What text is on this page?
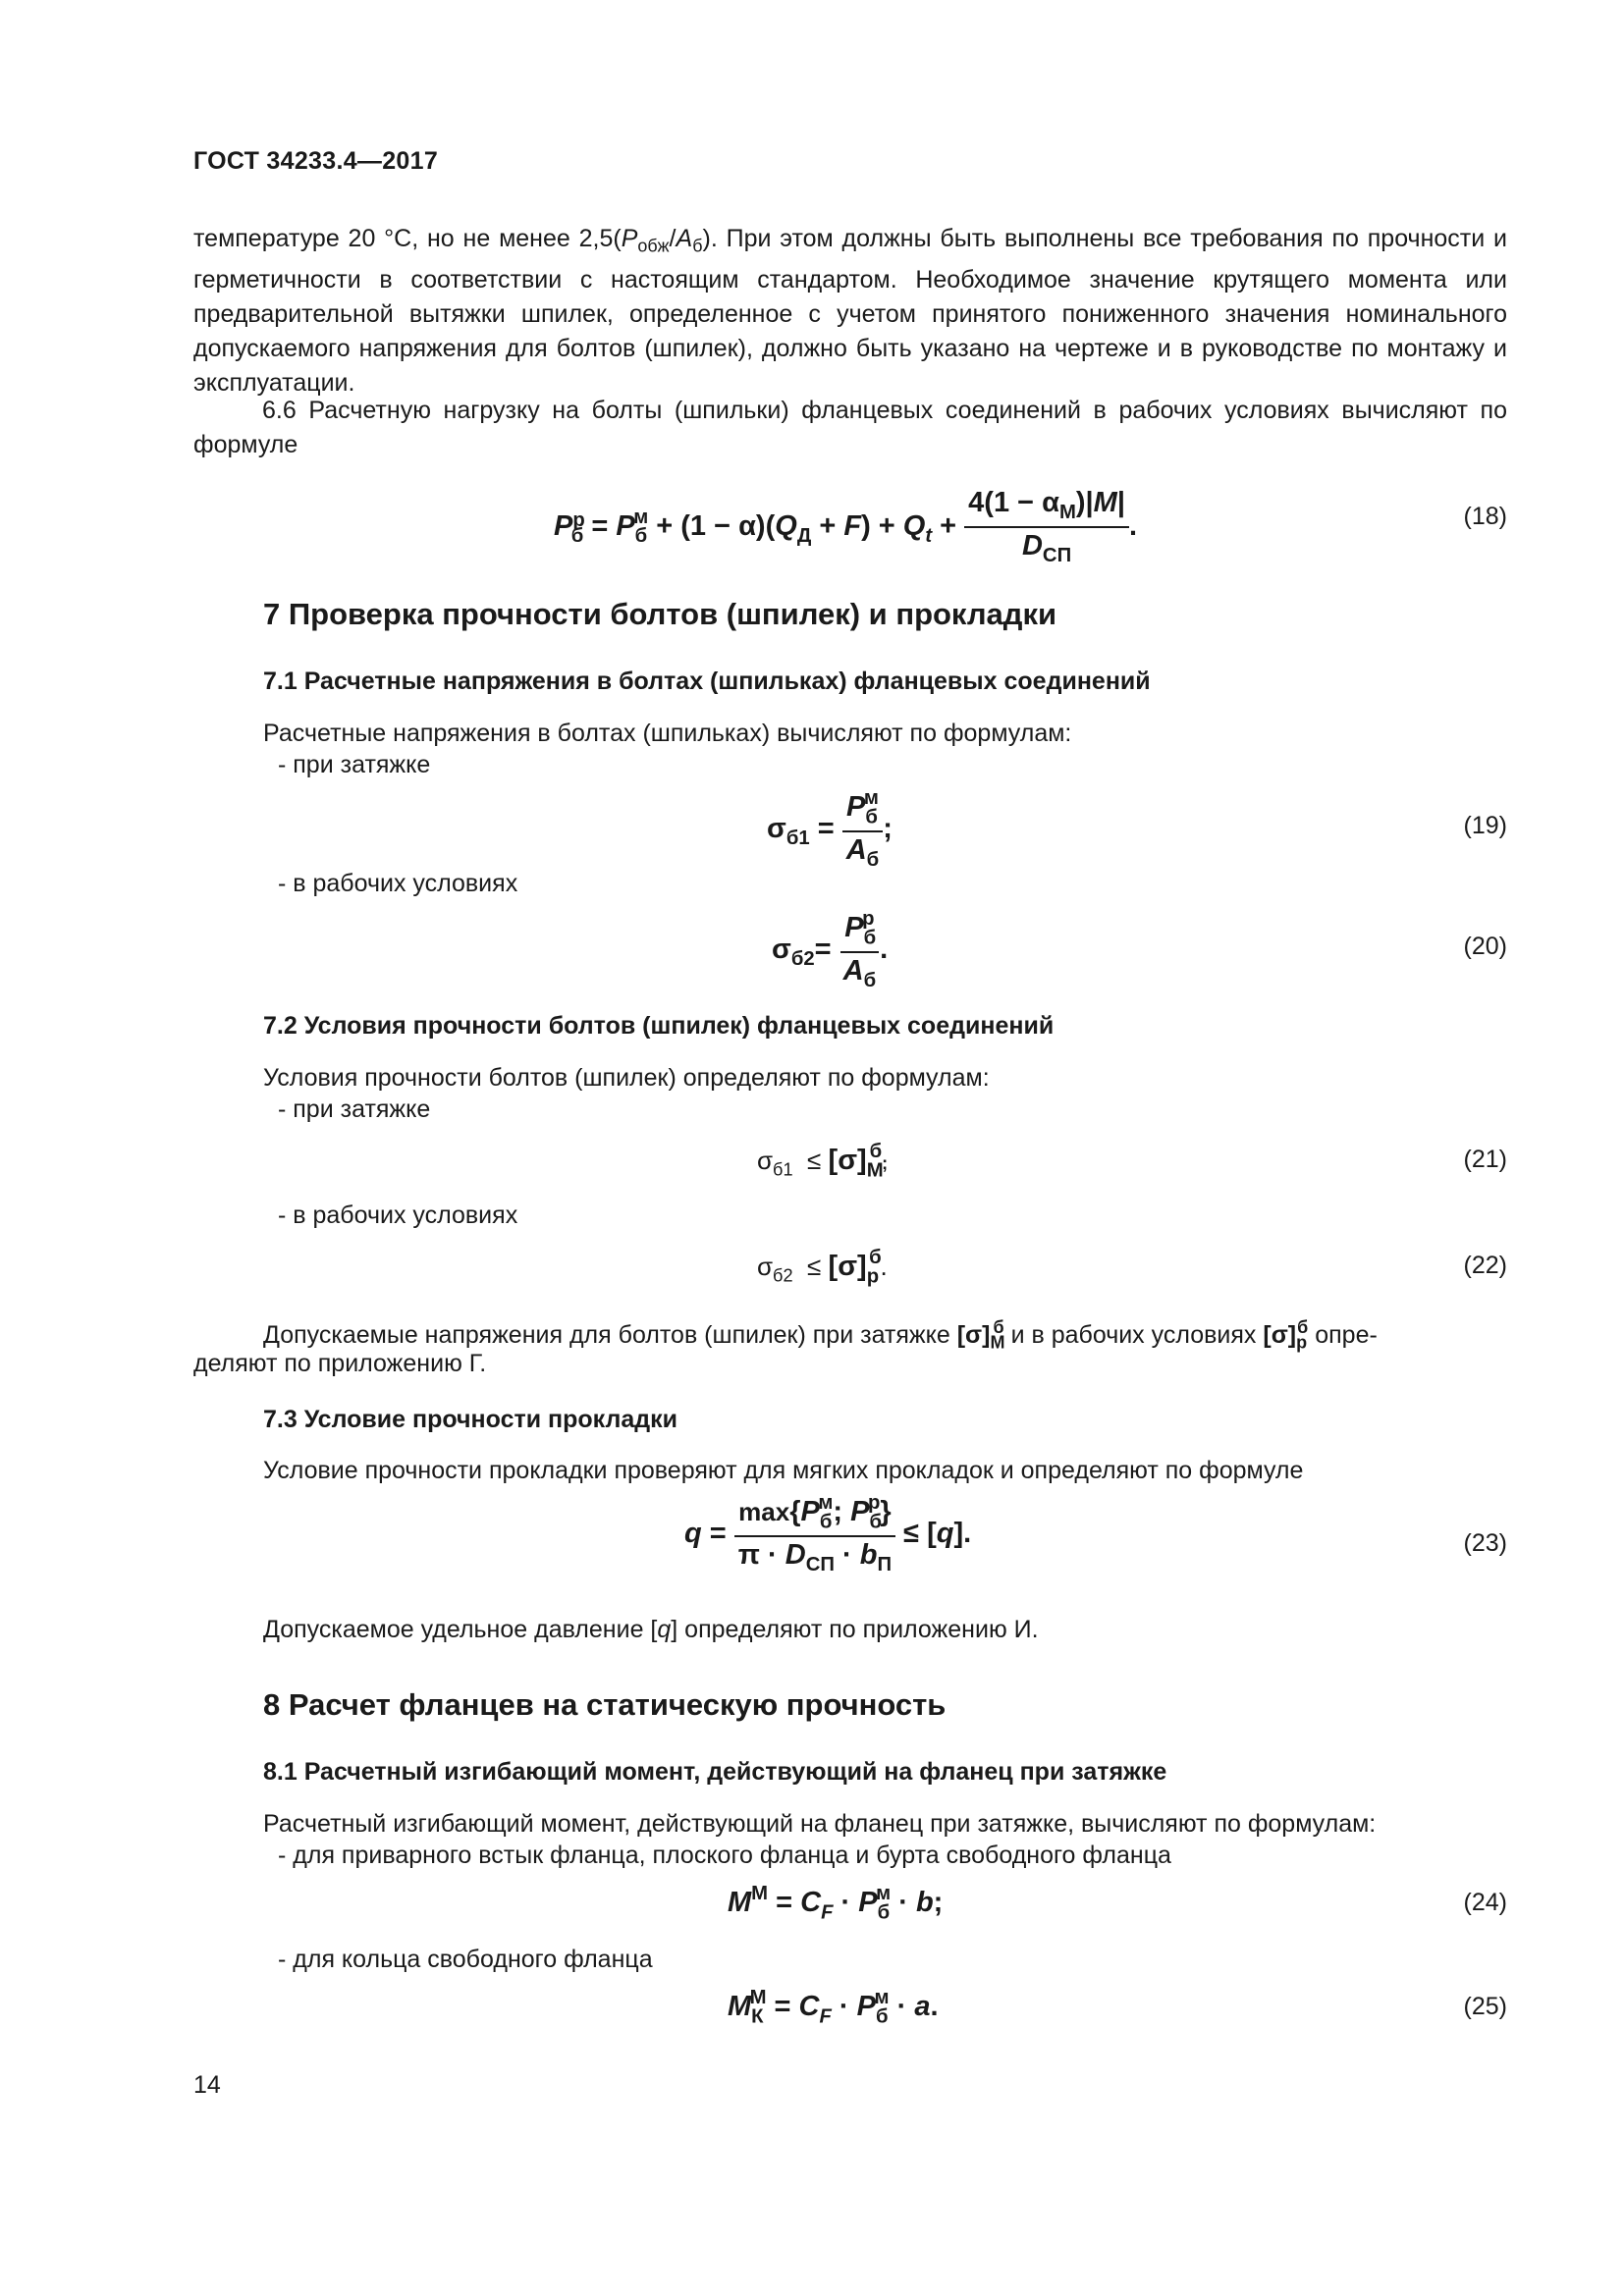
ГОСТ 34233.4—2017
температуре 20 °С, но не менее $2,5(P_{обж}/A_б)$. При этом должны быть выполнены все требования по прочности и герметичности в соответствии с настоящим стандартом. Необходимое значение крутящего момента или предварительной вытяжки шпилек, определенное с учетом принятого пониженного значения номинального допускаемого напряжения для болтов (шпилек), должно быть указано на чертеже и в руководстве по монтажу и эксплуатации.
6.6 Расчетную нагрузку на болты (шпильки) фланцевых соединений в рабочих условиях вычисляют по формуле
$P^р_б = P_б^м + (1 - \alpha)(Q_Д + F) + Q_t + \frac{4(1 - \alpha_М)|M|}{D_{СП}}$ .	(18)
7 Проверка прочности болтов (шпилек) и прокладки
7.1 Расчетные напряжения в болтах (шпильках) фланцевых соединений
Расчетные напряжения в болтах (шпильках) вычисляют по формулам:
- при затяжке
$\sigma_{б1} = \frac{P_б^м}{A_б}$ ;	(19)
- в рабочих условиях
$\sigma_{б2}= \frac{P_б^р}{A_б}$ .	(20)
7.2 Условия прочности болтов (шпилек) фланцевых соединений
Условия прочности болтов (шпилек) определяют по формулам:
- при затяжке
$\sigma_{б1} \le [\sigma]_М^б$;	(21)
- в рабочих условиях
$\sigma_{б2} \le [\sigma]_р^б$.	(22)
Допускаемые напряжения для болтов (шпилек) при затяжке $[\sigma]_М^б$ и в рабочих условиях $[\sigma]_р^б$ опре-
деляют по приложению Г.
7.3 Условие прочности прокладки
Условие прочности прокладки проверяют для мягких прокладок и определяют по формуле
$q = \frac{\max\{P_б^м; P_б^р\}}{\pi \cdot D_{СП} \cdot b_П} \le [q]$.	(23)
Допускаемое удельное давление [q] определяют по приложению И.
8 Расчет фланцев на статическую прочность
8.1 Расчетный изгибающий момент, действующий на фланец при затяжке
Расчетный изгибающий момент, действующий на фланец при затяжке, вычисляют по формулам:
- для приварного встык фланца, плоского фланца и бурта свободного фланца
$M^М = C_F \cdot P_б^м \cdot b$;	(24)
- для кольца свободного фланца
$M_К^М = C_F \cdot P_б^м \cdot a$.	(25)
14
